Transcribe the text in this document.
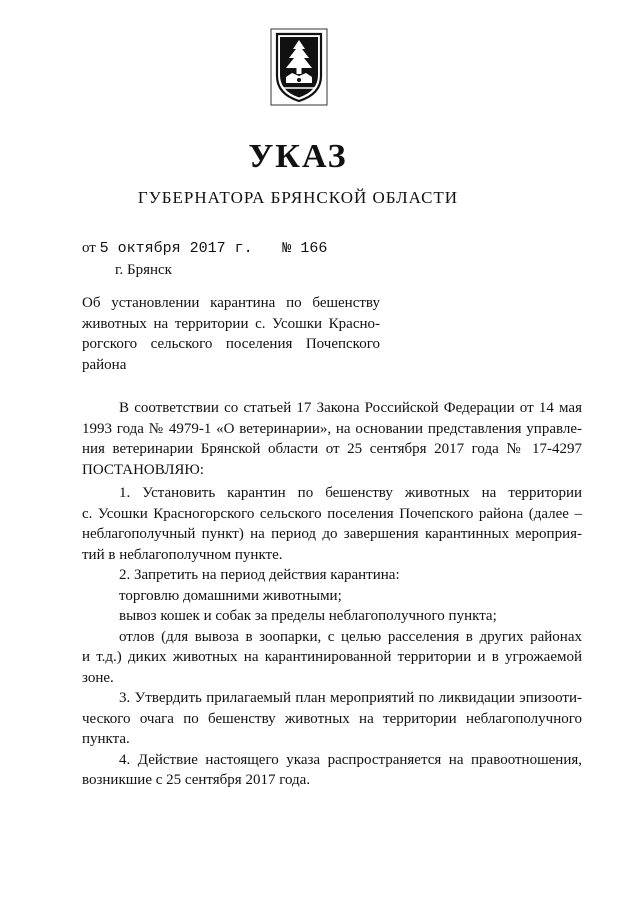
УКАЗ
ГУБЕРНАТОРА БРЯНСКОЙ ОБЛАСТИ
от 5 октября 2017 г. № 166
г. Брянск
Об установлении карантина по бешенству
животных на территории с. Усошки Красно-
рогского сельского поселения Почепского
района
В соответствии со статьей 17 Закона Российской Федерации от 14 мая
1993 года № 4979-1 «О ветеринарии», на основании представления управле-
ния ветеринарии Брянской области от 25 сентября 2017 года № 17-4297
ПОСТАНОВЛЯЮ:
1. Установить карантин по бешенству животных на территории
с. Усошки Красногорского сельского поселения Почепского района (далее –
неблагополучный пункт) на период до завершения карантинных мероприя-
тий в неблагополучном пункте.
2. Запретить на период действия карантина:
торговлю домашними животными;
вывоз кошек и собак за пределы неблагополучного пункта;
отлов (для вывоза в зоопарки, с целью расселения в других районах
и т.д.) диких животных на карантинированной территории и в угрожаемой
зоне.
3. Утвердить прилагаемый план мероприятий по ликвидации эпизооти-
ческого очага по бешенству животных на территории неблагополучного
пункта.
4. Действие настоящего указа распространяется на правоотношения,
возникшие с 25 сентября 2017 года.
